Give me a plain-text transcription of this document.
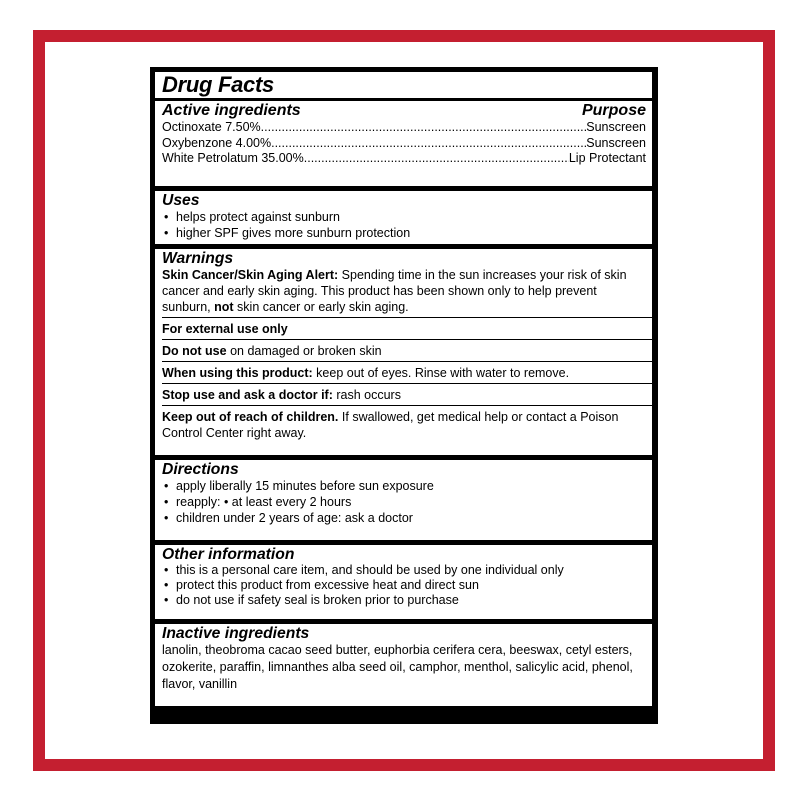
Drug Facts
Active ingredients	Purpose
Octinoxate 7.50% .....	Sunscreen
Oxybenzone 4.00% .....	Sunscreen
White Petrolatum 35.00% .....	Lip Protectant
Uses
• helps protect against sunburn
• higher SPF gives more sunburn protection
Warnings

Skin Cancer/Skin Aging Alert: Spending time in the sun increases your risk of skin cancer and early skin aging. This product has been shown only to help prevent sunburn, not skin cancer or early skin aging.

For external use only

Do not use on damaged or broken skin

When using this product: keep out of eyes. Rinse with water to remove.

Stop use and ask a doctor if: rash occurs

Keep out of reach of children. If swallowed, get medical help or contact a Poison Control Center right away.

Directions
• apply liberally 15 minutes before sun exposure
• reapply: • at least every 2 hours
• children under 2 years of age: ask a doctor
Other information
• this is a personal care item, and should be used by one individual only
• protect this product from excessive heat and direct sun
• do not use if safety seal is broken prior to purchase
Inactive ingredients

lanolin, theobroma cacao seed butter, euphorbia cerifera cera, beeswax, cetyl esters, ozokerite, paraffin, limnanthes alba seed oil, camphor, menthol, salicylic acid, phenol, flavor, vanillin
